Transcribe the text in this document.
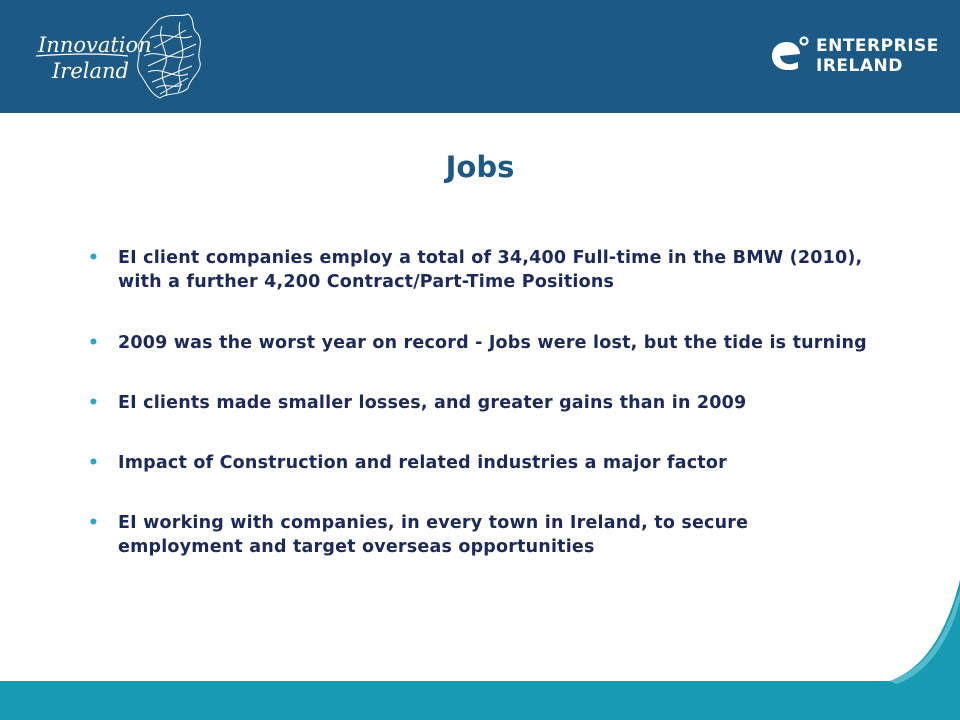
Innovation
Ireland
ENTERPRISE
IRELAND
Jobs
• EI client companies employ a total of 34,400 Full-time in the BMW (2010), with a further 4,200 Contract/Part-Time Positions
• 2009 was the worst year on record - Jobs were lost, but the tide is turning
• EI clients made smaller losses, and greater gains than in 2009
• Impact of Construction and related industries a major factor
• EI working with companies, in every town in Ireland, to secure employment and target overseas opportunities
